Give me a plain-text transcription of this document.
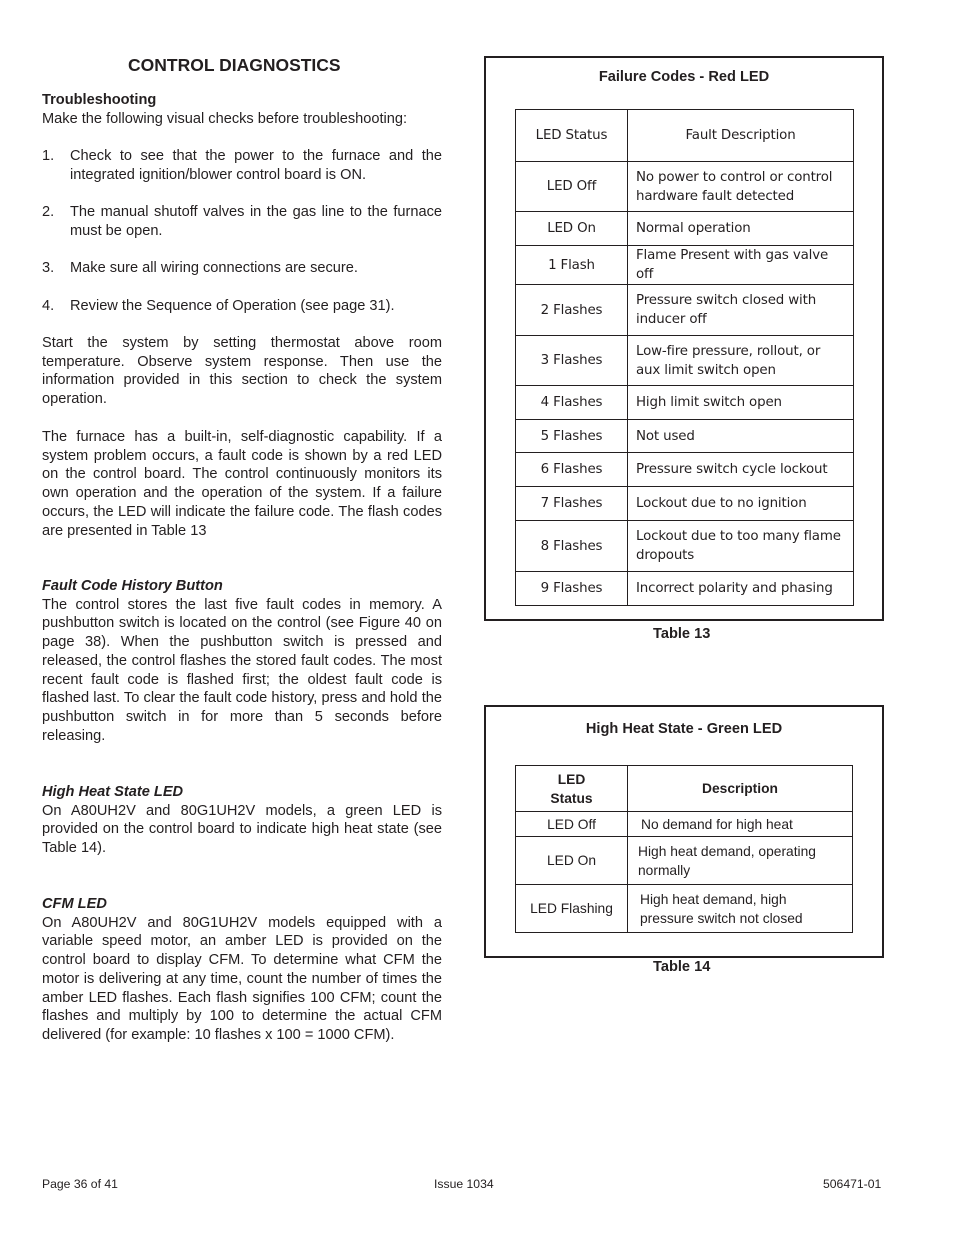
CONTROL DIAGNOSTICS

Troubleshooting

Make the following visual checks before troubleshooting:

1.	Check to see that the power to the furnace and the integrated ignition/blower control board is ON.
2.	The manual shutoff valves in the gas line to the furnace must be open.
3.	Make sure all wiring connections are secure.
4.	Review the Sequence of Operation (see page 31).

Start the system by setting thermostat above room temperature. Observe system response. Then use the information provided in this section to check the system operation.

The furnace has a built-in, self-diagnostic capability. If a system problem occurs, a fault code is shown by a red LED on the control board. The control continuously monitors its own operation and the operation of the system. If a failure occurs, the LED will indicate the failure code. The flash codes are presented in Table 13

Fault Code History Button

The control stores the last five fault codes in memory. A pushbutton switch is located on the control (see Figure 40 on page 38). When the pushbutton switch is pressed and released, the control flashes the stored fault codes. The most recent fault code is flashed first; the oldest fault code is flashed last. To clear the fault code history, press and hold the pushbutton switch in for more than 5 seconds before releasing.

High Heat State LED

On A80UH2V and 80G1UH2V models, a green LED is provided on the control board to indicate high heat state (see Table 14).

CFM LED

On A80UH2V and 80G1UH2V models equipped with a variable speed motor, an amber LED is provided on the control board to display CFM. To determine what CFM the motor is delivering at any time, count the number of times the amber LED flashes. Each flash signifies 100 CFM; count the flashes and multiply by 100 to determine the actual CFM delivered (for example: 10 flashes x 100 = 1000 CFM).

Failure Codes - Red LED
LED Status	Fault Description
LED Off	No power to control or control hardware fault detected
LED On	Normal operation
1 Flash	Flame Present with gas valve off
2 Flashes	Pressure switch closed with inducer off
3 Flashes	Low-fire pressure, rollout, or aux limit switch open
4 Flashes	High limit switch open
5 Flashes	Not used
6 Flashes	Pressure switch cycle lockout
7 Flashes	Lockout due to no ignition
8 Flashes	Lockout due to too many flame dropouts
9 Flashes	Incorrect polarity and phasing
Table 13
High Heat State - Green LED
LED Status	Description
LED Off	No demand for high heat
LED On	High heat demand, operating normally
LED Flashing	High heat demand, high pressure switch not closed
Table 14
Page 36 of 41	Issue 1034	506471-01
